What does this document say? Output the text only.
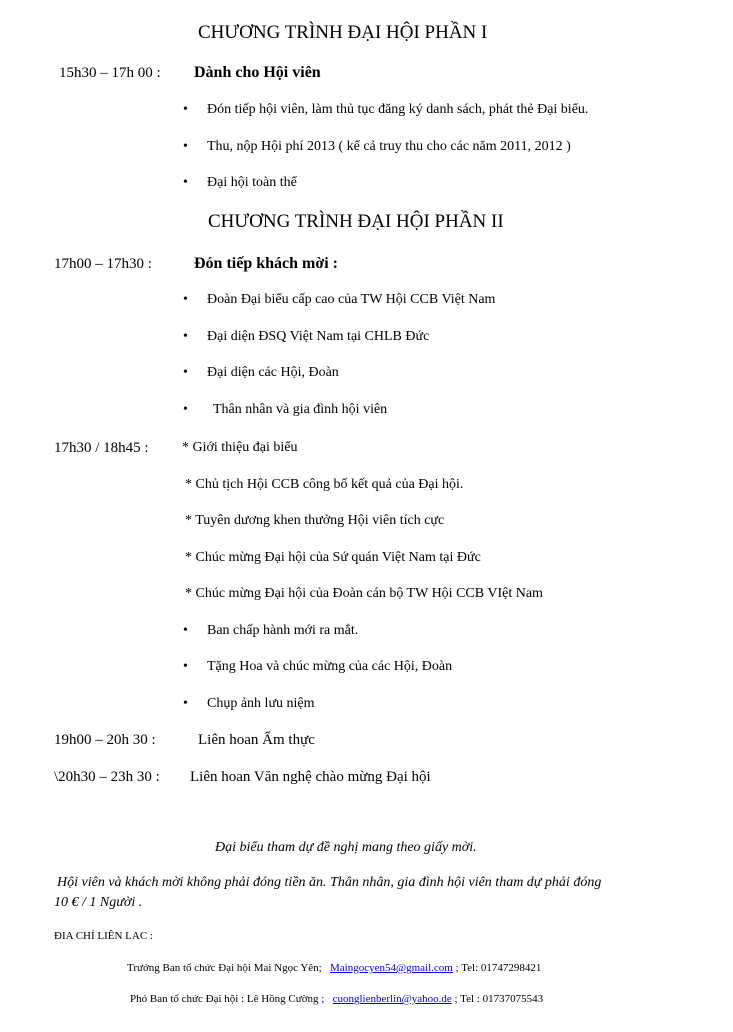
CHƯƠNG TRÌNH ĐẠI HỘI PHẦN I
15h30 – 17h 00 : Dành cho Hội viên
• Đón tiếp hội viên, làm thủ tục đăng ký danh sách, phát thẻ Đại biểu.
• Thu, nộp Hội phí 2013 ( kể cả truy thu cho các năm 2011, 2012 )
• Đại hội toàn thể
CHƯƠNG TRÌNH ĐẠI HỘI PHẦN II
17h00 – 17h30 :	Đón tiếp khách mời :
• Đoàn Đại biểu cấp cao của TW Hội CCB Việt Nam
• Đại diện ĐSQ Việt Nam tại CHLB Đức
• Đại diện các Hội, Đoàn
• Thân nhân và gia đình hội viên
17h30 / 18h45 : * Giới thiệu đại biểu
* Chủ tịch Hội CCB công bố kết quả của Đại hội.
* Tuyên dương khen thưởng Hội viên tích cực
* Chúc mừng Đại hội của Sứ quán Việt Nam tại Đức
* Chúc mừng Đại hội của Đoàn cán bộ TW Hội CCB VIệt Nam
• Ban chấp hành mới ra mắt.
• Tặng Hoa và chúc mừng của các Hội, Đoàn
• Chụp ảnh lưu niệm
19h00 – 20h 30 :	Liên hoan Ẩm thực
\20h30 – 23h 30 : Liên hoan Văn nghệ chào mừng Đại hội
Đại biểu tham dự đề nghị mang theo giấy mời.
Hội viên và khách mời không phải đóng tiền ăn. Thân nhân, gia đình hội viên tham dự phải đóng
10 € / 1 Người .
ĐIA CHỈ LIÊN LAC :
Trưởng Ban tổ chức Đại hội Mai Ngọc Yên; Maingocyen54@gmail.com ; Tel: 01747298421
Phó Ban tổ chức Đại hội : Lê Hồng Cường ; cuonglienberlin@yahoo.de ; Tel : 01737075543
